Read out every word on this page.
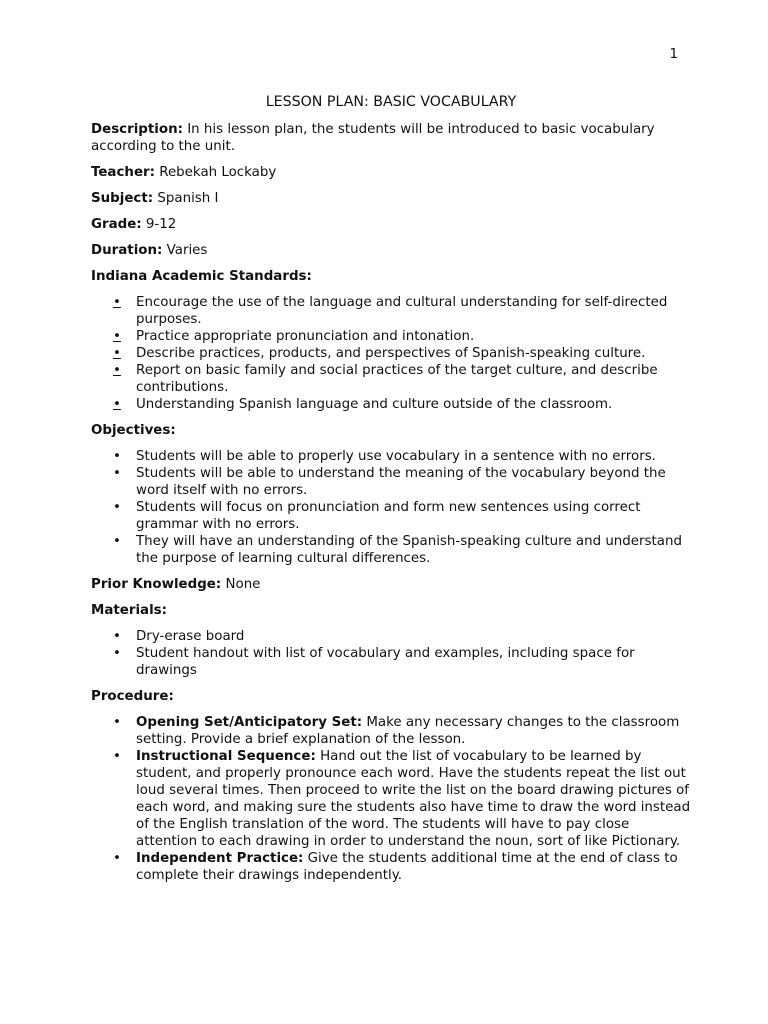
1
LESSON PLAN: BASIC VOCABULARY

Description: In his lesson plan, the students will be introduced to basic vocabulary according to the unit.

Teacher: Rebekah Lockaby

Subject: Spanish I

Grade: 9-12

Duration: Varies

Indiana Academic Standards:
•	Encourage the use of the language and cultural understanding for self-directed purposes.
•	Practice appropriate pronunciation and intonation.
•	Describe practices, products, and perspectives of Spanish-speaking culture.
•	Report on basic family and social practices of the target culture, and describe contributions.
•	Understanding Spanish language and culture outside of the classroom.
Objectives:
• Students will be able to properly use vocabulary in a sentence with no errors.
• Students will be able to understand the meaning of the vocabulary beyond the word itself with no errors.
• Students will focus on pronunciation and form new sentences using correct grammar with no errors.
• They will have an understanding of the Spanish-speaking culture and understand the purpose of learning cultural differences.

Prior Knowledge: None

Materials:
• Dry-erase board
• Student handout with list of vocabulary and examples, including space for drawings
Procedure:
• Opening Set/Anticipatory Set: Make any necessary changes to the classroom setting. Provide a brief explanation of the lesson.
• Instructional Sequence: Hand out the list of vocabulary to be learned by student, and properly pronounce each word. Have the students repeat the list out loud several times. Then proceed to write the list on the board drawing pictures of each word, and making sure the students also have time to draw the word instead of the English translation of the word. The students will have to pay close attention to each drawing in order to understand the noun, sort of like Pictionary.
• Independent Practice: Give the students additional time at the end of class to complete their drawings independently.
